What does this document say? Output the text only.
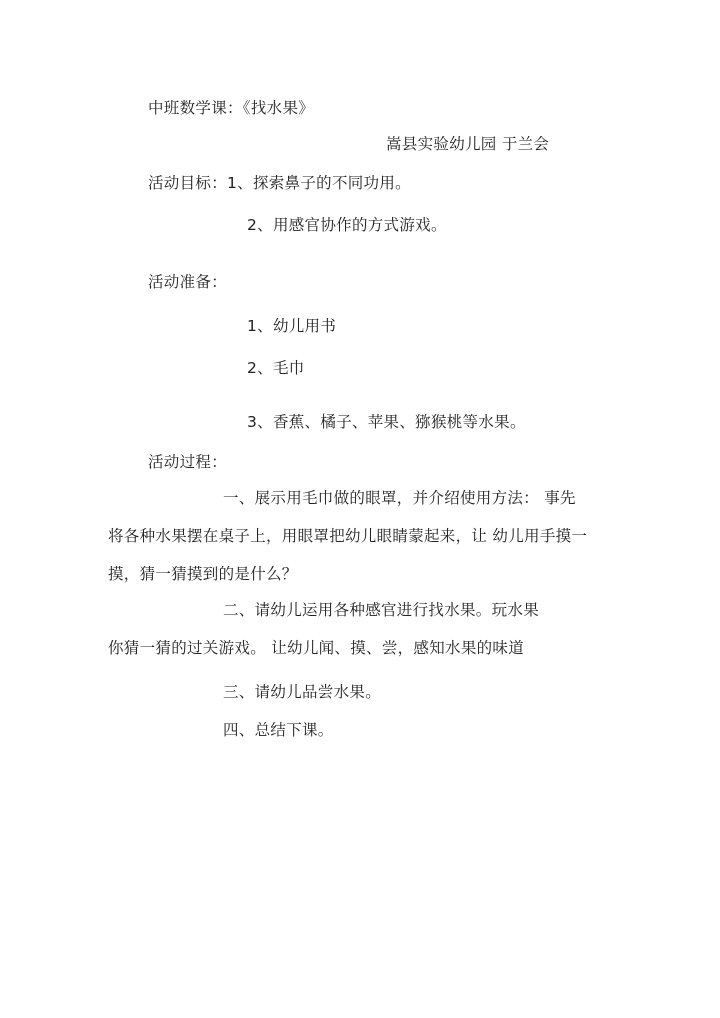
中班数学课：《找水果》
嵩县实验幼儿园 于兰会
活动目标：1、探索鼻子的不同功用。
2、用感官协作的方式游戏。
活动准备：
1、幼儿用书
2、毛巾
3、香蕉、橘子、苹果、猕猴桃等水果。
活动过程：
一、展示用毛巾做的眼罩，并介绍使用方法： 事先
将各种水果摆在桌子上，用眼罩把幼儿眼睛蒙起来，让 幼儿用手摸一
摸，猜一猜摸到的是什么？
二、请幼儿运用各种感官进行找水果。玩水果
你猜一猜的过关游戏。 让幼儿闻、摸、尝，感知水果的味道
三、请幼儿品尝水果。
四、总结下课。
